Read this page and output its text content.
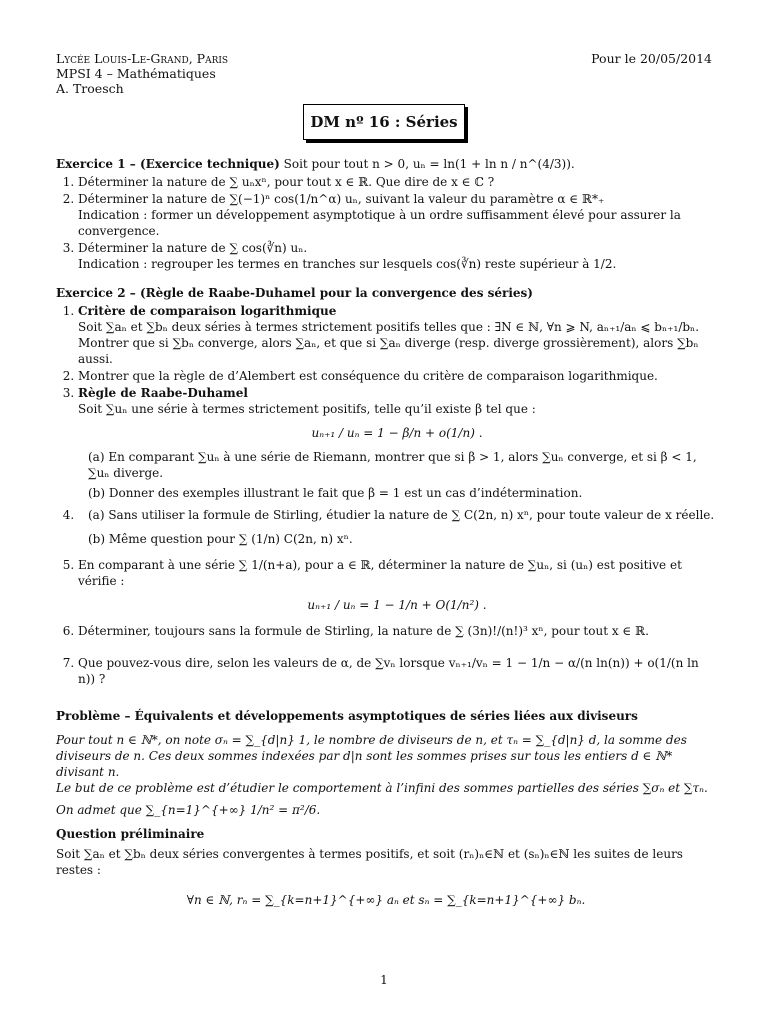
Lycée Louis-Le-Grand, Paris
MPSI 4 – Mathématiques
A. Troesch
Pour le 20/05/2014
DM nº 16 : Séries
Exercice 1 – (Exercice technique) Soit pour tout n > 0, uₙ = ln(1 + ln n / n^(4/3)).
1. Déterminer la nature de ∑ uₙxⁿ, pour tout x ∈ ℝ. Que dire de x ∈ ℂ ?
2. Déterminer la nature de ∑(−1)ⁿ cos(1/n^α) uₙ, suivant la valeur du paramètre α ∈ ℝ*₊
Indication : former un développement asymptotique à un ordre suffisamment élevé pour assurer la convergence.
3. Déterminer la nature de ∑ cos(∛n) uₙ.
Indication : regrouper les termes en tranches sur lesquels cos(∛n) reste supérieur à 1/2.
Exercice 2 – (Règle de Raabe-Duhamel pour la convergence des séries)
1. Critère de comparaison logarithmique
Soit ∑aₙ et ∑bₙ deux séries à termes strictement positifs telles que : ∃N ∈ ℕ, ∀n ⩾ N, aₙ₊₁/aₙ ⩽ bₙ₊₁/bₙ.
Montrer que si ∑bₙ converge, alors ∑aₙ, et que si ∑aₙ diverge (resp. diverge grossièrement), alors ∑bₙ aussi.
2. Montrer que la règle de d’Alembert est conséquence du critère de comparaison logarithmique.
3. Règle de Raabe-Duhamel
Soit ∑uₙ une série à termes strictement positifs, telle qu’il existe β tel que :
uₙ₊₁ / uₙ = 1 − β/n + o(1/n) .
(a) En comparant ∑uₙ à une série de Riemann, montrer que si β > 1, alors ∑uₙ converge, et si β < 1, ∑uₙ diverge.
(b) Donner des exemples illustrant le fait que β = 1 est un cas d’indétermination.
4. (a) Sans utiliser la formule de Stirling, étudier la nature de ∑ C(2n, n) xⁿ, pour toute valeur de x réelle.
(b) Même question pour ∑ (1/n) C(2n, n) xⁿ.
5. En comparant à une série ∑ 1/(n+a), pour a ∈ ℝ, déterminer la nature de ∑uₙ, si (uₙ) est positive et vérifie :
uₙ₊₁ / uₙ = 1 − 1/n + O(1/n²) .
6. Déterminer, toujours sans la formule de Stirling, la nature de ∑ (3n)!/(n!)³ xⁿ, pour tout x ∈ ℝ.
7. Que pouvez-vous dire, selon les valeurs de α, de ∑vₙ lorsque vₙ₊₁/vₙ = 1 − 1/n − α/(n ln(n)) + o(1/(n ln n)) ?
Problème – Équivalents et développements asymptotiques de séries liées aux diviseurs
Pour tout n ∈ ℕ*, on note σₙ = ∑_{d|n} 1, le nombre de diviseurs de n, et τₙ = ∑_{d|n} d, la somme des diviseurs de n. Ces deux sommes indexées par d|n sont les sommes prises sur tous les entiers d ∈ ℕ* divisant n.
Le but de ce problème est d’étudier le comportement à l’infini des sommes partielles des séries ∑σₙ et ∑τₙ.
On admet que ∑_{n=1}^{+∞} 1/n² = π²/6.
Question préliminaire
Soit ∑aₙ et ∑bₙ deux séries convergentes à termes positifs, et soit (rₙ)ₙ∈ℕ et (sₙ)ₙ∈ℕ les suites de leurs restes :
∀n ∈ ℕ, rₙ = ∑_{k=n+1}^{+∞} aₙ et sₙ = ∑_{k=n+1}^{+∞} bₙ.
1
